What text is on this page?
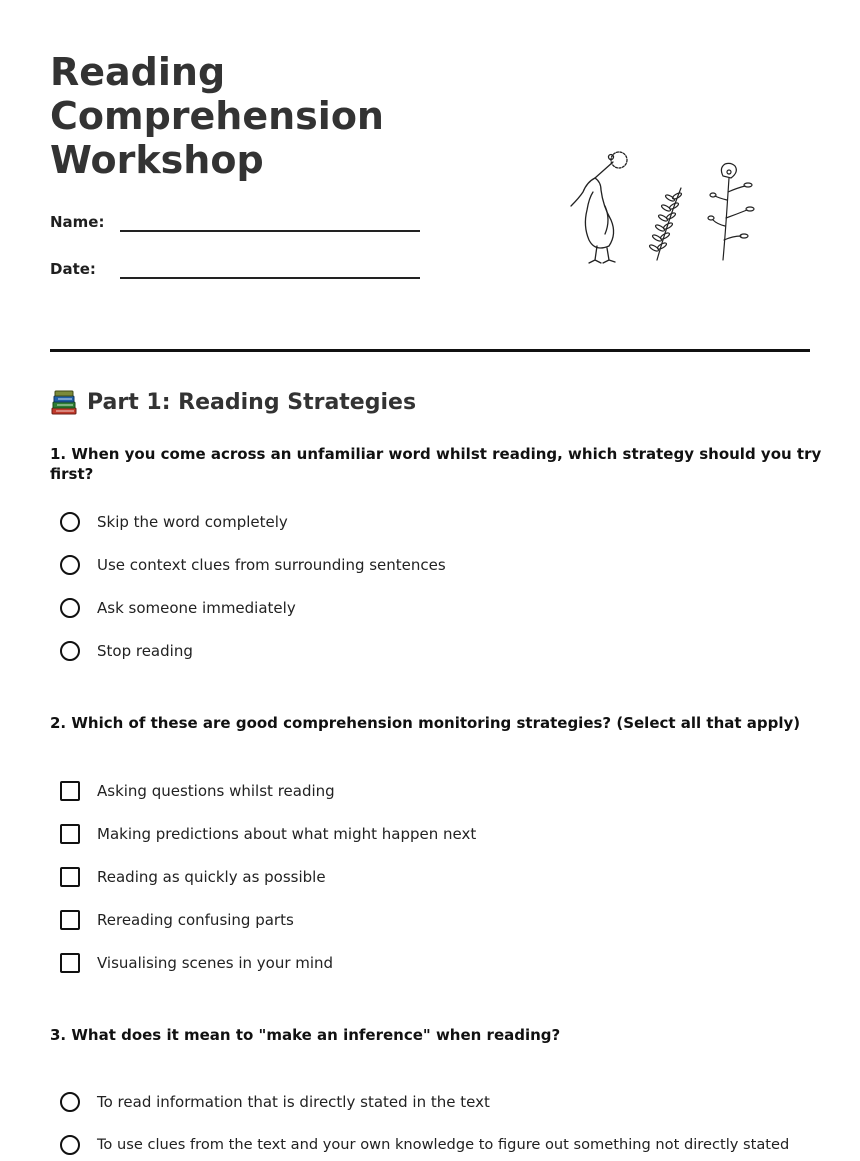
Reading
Comprehension
Workshop
Name:
Date:
Part 1: Reading Strategies

1. When you come across an unfamiliar word whilst reading, which strategy should you try first?

Skip the word completely
Use context clues from surrounding sentences
Ask someone immediately
Stop reading

2. Which of these are good comprehension monitoring strategies? (Select all that apply)

Asking questions whilst reading
Making predictions about what might happen next
Reading as quickly as possible
Rereading confusing parts
Visualising scenes in your mind

3. What does it mean to "make an inference" when reading?

To read information that is directly stated in the text
To use clues from the text and your own knowledge to figure out something not directly stated
